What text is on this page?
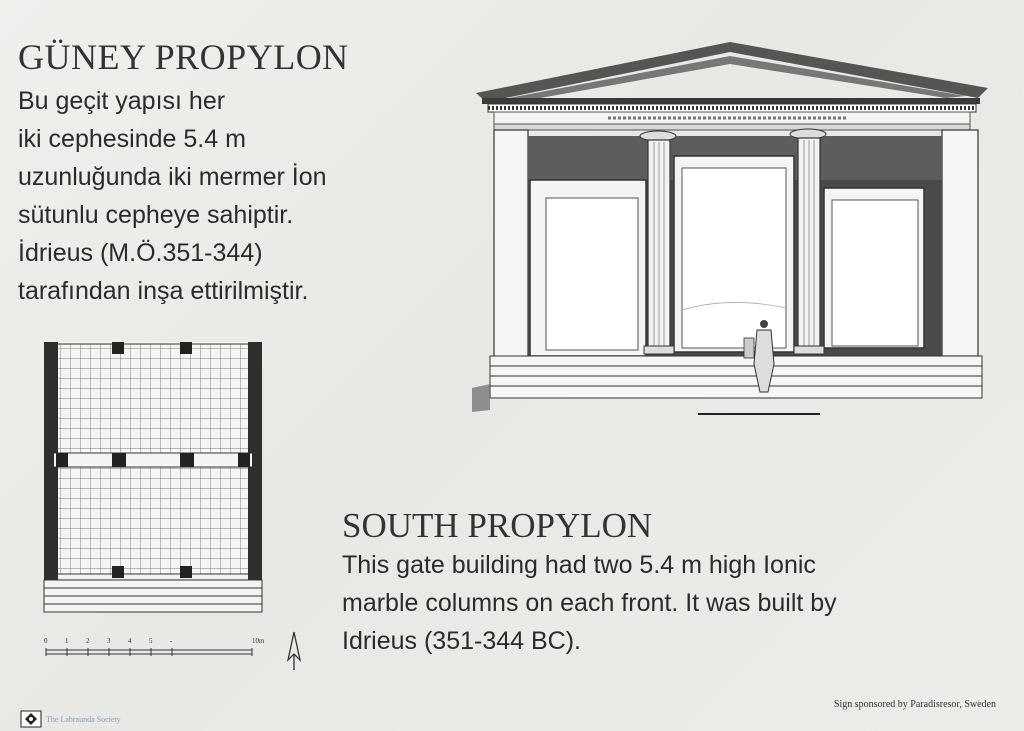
GÜNEY PROPYLON

Bu geçit yapısı her
iki cephesinde 5.4 m
uzunluğunda iki mermer İon
sütunlu cepheye sahiptir.
İdrieus (M.Ö.351-344)
tarafından inşa ettirilmiştir.

0	1	2	3	4	5	-	10m
SOUTH PROPYLON

This gate building had two 5.4 m high Ionic
marble columns on each front. It was built by
Idrieus (351-344 BC).

Sign sponsored by Paradisresor, Sweden
The Labraunda Society
